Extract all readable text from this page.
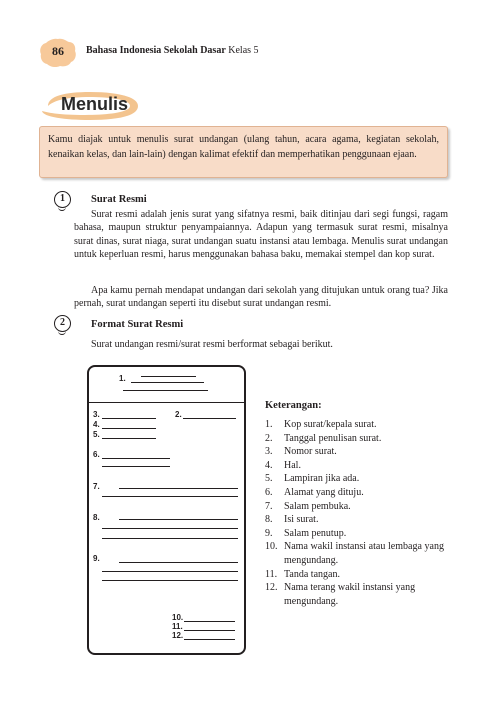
86	Bahasa Indonesia Sekolah Dasar Kelas 5
Menulis
Kamu diajak untuk menulis surat undangan (ulang tahun, acara agama, kegiatan sekolah, kenaikan kelas, dan lain-lain) dengan kalimat efektif dan memperhatikan penggunaan ejaan.
1	Surat Resmi
Surat resmi adalah jenis surat yang sifatnya resmi, baik ditinjau dari segi fungsi, ragam bahasa, maupun struktur penyampaiannya. Adapun yang termasuk surat resmi, misalnya surat dinas, surat niaga, surat undangan suatu instansi atau lembaga. Menulis surat undangan untuk keperluan resmi, harus menggunakan bahasa baku, memakai stempel dan kop surat.
Apa kamu pernah mendapat undangan dari sekolah yang ditujukan untuk orang tua? Jika pernah, surat undangan seperti itu disebut surat undangan resmi.
2	Format Surat Resmi
Surat undangan resmi/surat resmi berformat sebagai berikut.
1.
2.
3.
4.
5.
6.
7.
8.
9.
10.
11.
12.
Keterangan:
1. Kop surat/kepala surat.
2. Tanggal penulisan surat.
3. Nomor surat.
4. Hal.
5. Lampiran jika ada.
6. Alamat yang dituju.
7. Salam pembuka.
8. Isi surat.
9. Salam penutup.
10. Nama wakil instansi atau lembaga yang mengundang.
11. Tanda tangan.
12. Nama terang wakil instansi yang mengundang.
